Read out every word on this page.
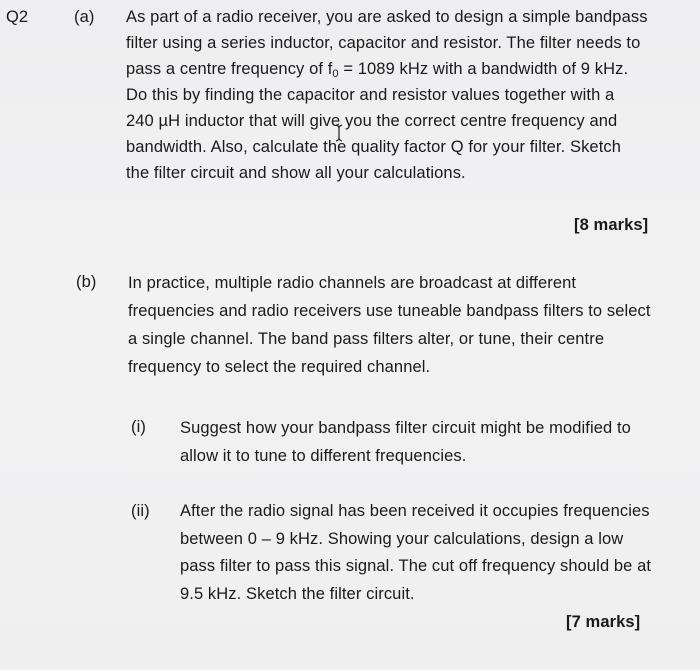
Q2	(a) As part of a radio receiver, you are asked to design a simple bandpass
filter using a series inductor, capacitor and resistor. The filter needs to
pass a centre frequency of $f_0 = 1089$ kHz with a bandwidth of 9 kHz.
Do this by finding the capacitor and resistor values together with a
240 µH inductor that will give you the correct centre frequency and
bandwidth. Also, calculate the quality factor Q for your filter. Sketch
the filter circuit and show all your calculations.
[8 marks]
(b) In practice, multiple radio channels are broadcast at different
frequencies and radio receivers use tuneable bandpass filters to select
a single channel. The band pass filters alter, or tune, their centre
frequency to select the required channel.
(i) Suggest how your bandpass filter circuit might be modified to
allow it to tune to different frequencies.
(ii) After the radio signal has been received it occupies frequencies
between 0 – 9 kHz. Showing your calculations, design a low
pass filter to pass this signal. The cut off frequency should be at
9.5 kHz. Sketch the filter circuit.
[7 marks]
